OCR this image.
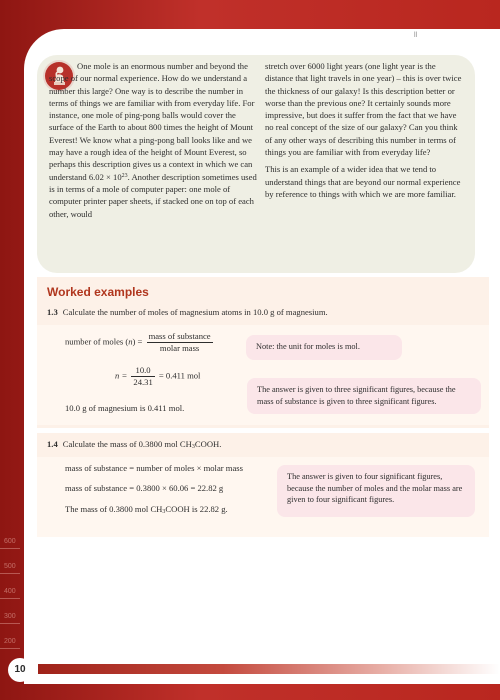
600
500
400
300
200
ll

One mole is an enormous number and beyond the scope of our normal experience. How do we understand a number this large? One way is to describe the number in terms of things we are familiar with from everyday life. For instance, one mole of ping-pong balls would cover the surface of the Earth to about 800 times the height of Mount Everest! We know what a ping-pong ball looks like and we may have a rough idea of the height of Mount Everest, so perhaps this description gives us a context in which we can understand $6.02 \times 10^{23}$. Another description sometimes used is in terms of a mole of computer paper: one mole of computer printer paper sheets, if stacked one on top of each other, would

stretch over 6000 light years (one light year is the distance that light travels in one year) – this is over twice the thickness of our galaxy! Is this description better or worse than the previous one? It certainly sounds more impressive, but does it suffer from the fact that we have no real concept of the size of our galaxy? Can you think of any other ways of describing this number in terms of things you are familiar with from everyday life?

This is an example of a wider idea that we tend to understand things that are beyond our normal experience by reference to things with which we are more familiar.

Worked examples
1.3 Calculate the number of moles of magnesium atoms in 10.0 g of magnesium.
number of moles $(n) = \frac{\text{mass of substance}}{\text{molar mass}}$	Note: the unit for moles is mol.
$n = \frac{10.0}{24.31} = 0.411$ mol
10.0 g of magnesium is 0.411 mol.
The answer is given to three significant figures, because the mass of substance is given to three significant figures.
1.4 Calculate the mass of 0.3800 mol $CH_3COOH$.
mass of substance = number of moles × molar mass
mass of substance = 0.3800 × 60.06 = 22.82 g
The mass of 0.3800 mol $CH_3COOH$ is 22.82 g.
The answer is given to four significant figures, because the number of moles and the molar mass are given to four significant figures.
10
